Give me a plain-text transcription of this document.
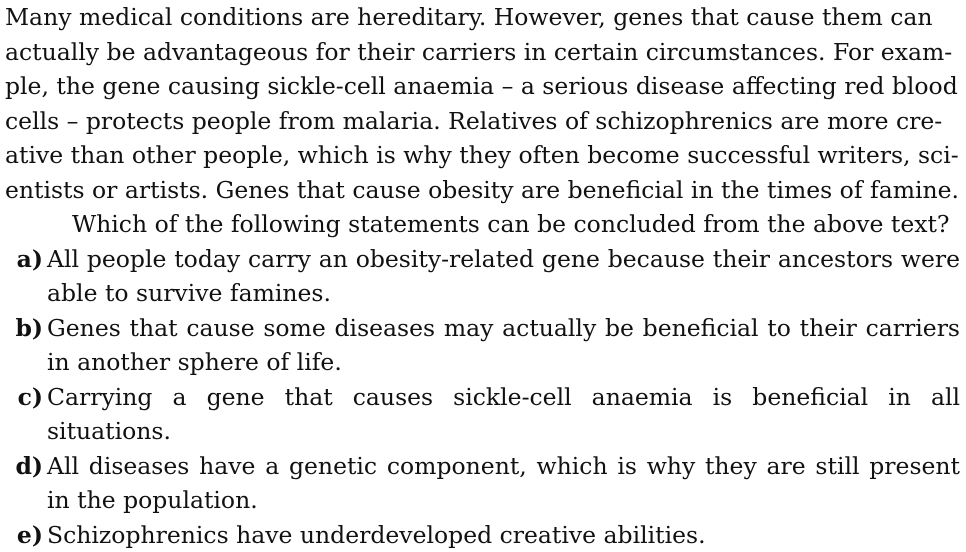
Many medical conditions are hereditary. However, genes that cause them can
actually be advantageous for their carriers in certain circumstances. For exam-
ple, the gene causing sickle-cell anaemia – a serious disease affecting red blood
cells – protects people from malaria. Relatives of schizophrenics are more cre-
ative than other people, which is why they often become successful writers, sci-
entists or artists. Genes that cause obesity are beneficial in the times of famine.

Which of the following statements can be concluded from the above text?

a) All people today carry an obesity-related gene because their ancestors were able to survive famines.
b) Genes that cause some diseases may actually be beneficial to their carriers in another sphere of life.
c) Carrying a gene that causes sickle-cell anaemia is beneficial in all situations.
d) All diseases have a genetic component, which is why they are still present in the population.
e) Schizophrenics have underdeveloped creative abilities.
